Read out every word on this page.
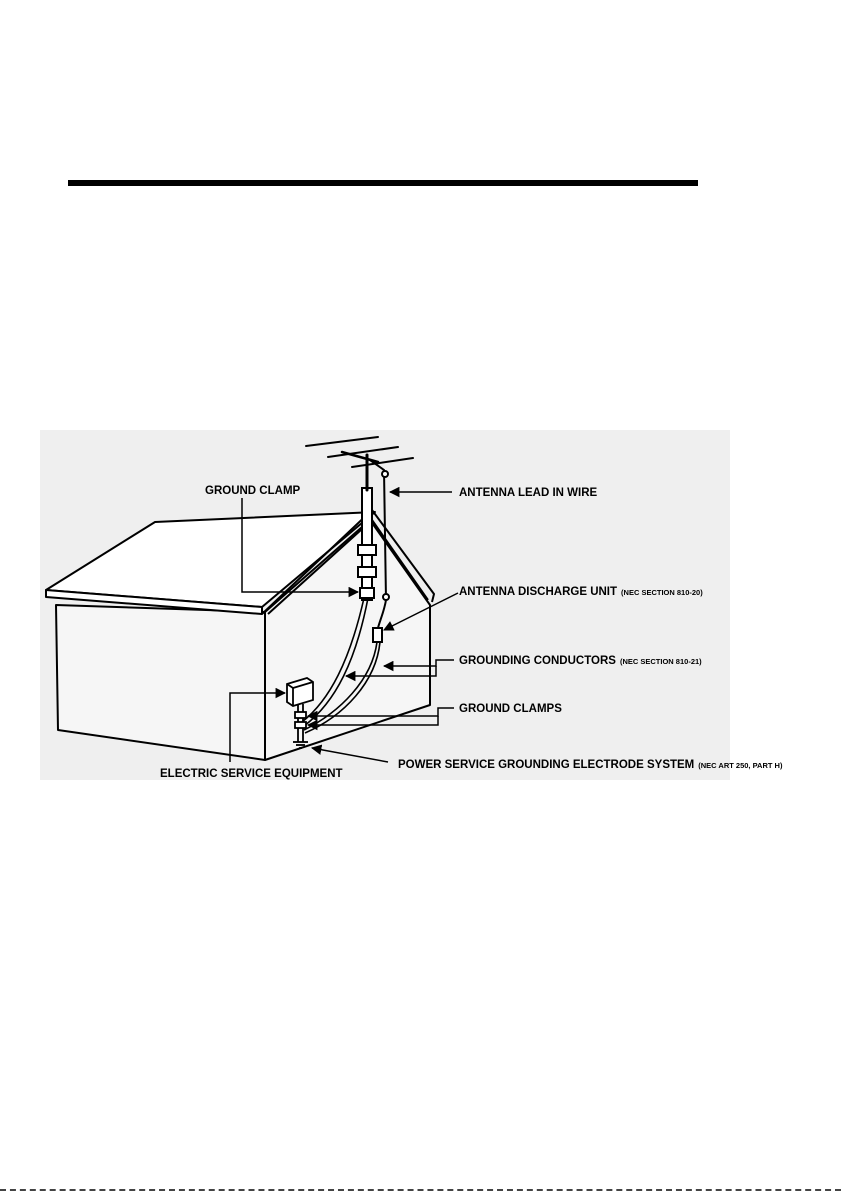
GROUND CLAMP	ANTENNA LEAD IN WIRE
ANTENNA DISCHARGE UNIT (NEC SECTION 810-20)
GROUNDING CONDUCTORS (NEC SECTION 810-21)
GROUND CLAMPS
ELECTRIC SERVICE EQUIPMENT
POWER SERVICE GROUNDING ELECTRODE SYSTEM (NEC ART 250, PART H)
